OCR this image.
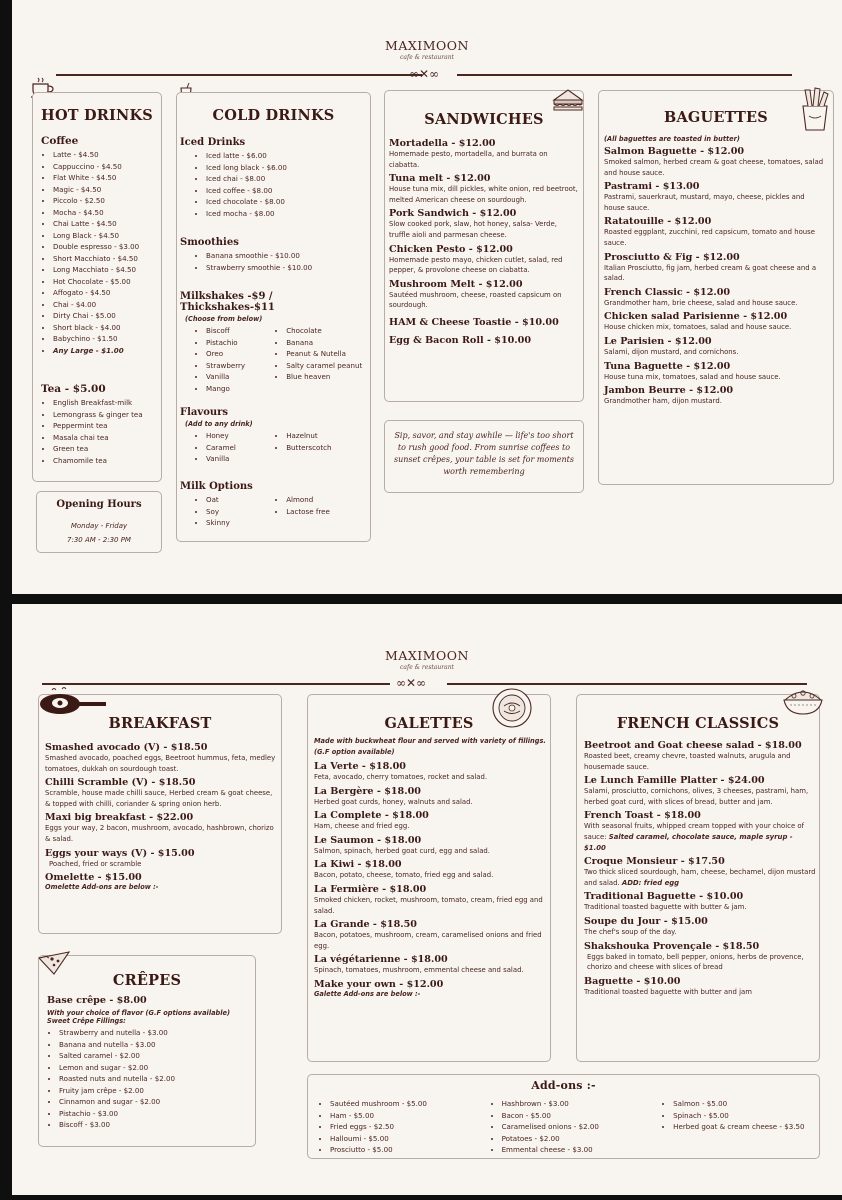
MAXIMOON
cafe & restaurant
∞✕∞
HOT DRINKS
Coffee
• Latte - $4.50
• Cappuccino - $4.50
• Flat White - $4.50
• Magic - $4.50
• Piccolo - $2.50
• Mocha - $4.50
• Chai Latte - $4.50
• Long Black - $4.50
• Double espresso - $3.00
• Short Macchiato - $4.50
• Long Macchiato - $4.50
• Hot Chocolate - $5.00
• Affogato - $4.50
• Chai - $4.00
• Dirty Chai - $5.00
• Short black - $4.00
• Babychino - $1.50
• Any Large - $1.00
Tea - $5.00
• English Breakfast-milk
• Lemongrass & ginger tea
• Peppermint tea
• Masala chai tea
• Green tea
• Chamomile tea
Opening Hours
Monday - Friday
7:30 AM - 2:30 PM
COLD DRINKS
Iced Drinks
• Iced latte - $6.00
• Iced long black - $6.00
• Iced chai - $8.00
• Iced coffee - $8.00
• Iced chocolate - $8.00
• Iced mocha - $8.00
Smoothies
• Banana smoothie - $10.00
• Strawberry smoothie - $10.00
Milkshakes -$9 / Thickshakes-$11
(Choose from below)
• Biscoff
• Pistachio
• Oreo
• Strawberry
• Vanilla
• Mango
• Chocolate
• Banana
• Peanut & Nutella
• Salty caramel peanut
• Blue heaven
Flavours
(Add to any drink)
• Honey
• Caramel
• Vanilla
• Hazelnut
• Butterscotch
Milk Options
• Oat
• Soy
• Skinny
• Almond
• Lactose free
SANDWICHES
Mortadella - $12.00
Homemade pesto, mortadella, and burrata on ciabatta.
Tuna melt - $12.00
House tuna mix, dill pickles, white onion, red beetroot, melted American cheese on sourdough.
Pork Sandwich - $12.00
Slow cooked pork, slaw, hot honey, salsa- Verde, truffle aioli and parmesan cheese.
Chicken Pesto - $12.00
Homemade pesto mayo, chicken cutlet, salad, red pepper, & provolone cheese on ciabatta.
Mushroom Melt - $12.00
Sautéed mushroom, cheese, roasted capsicum on sourdough.
HAM & Cheese Toastie - $10.00
Egg & Bacon Roll - $10.00
Sip, savor, and stay awhile — life's too short to rush good food. From sunrise coffees to sunset crêpes, your table is set for moments worth remembering
BAGUETTES
(All baguettes are toasted in butter)
Salmon Baguette - $12.00
Smoked salmon, herbed cream & goat cheese, tomatoes, salad and house sauce.
Pastrami - $13.00
Pastrami, sauerkraut, mustard, mayo, cheese, pickles and house sauce.
Ratatouille - $12.00
Roasted eggplant, zucchini, red capsicum, tomato and house sauce.
Prosciutto & Fig - $12.00
Italian Prosciutto, fig jam, herbed cream & goat cheese and a salad.
French Classic - $12.00
Grandmother ham, brie cheese, salad and house sauce.
Chicken salad Parisienne - $12.00
House chicken mix, tomatoes, salad and house sauce.
Le Parisien - $12.00
Salami, dijon mustard, and cornichons.
Tuna Baguette - $12.00
House tuna mix, tomatoes, salad and house sauce.
Jambon Beurre - $12.00
Grandmother ham, dijon mustard.
MAXIMOON
cafe & restaurant
∞✕∞
BREAKFAST
Smashed avocado (V) - $18.50
Smashed avocado, poached eggs, Beetroot hummus, feta, medley tomatoes, dukkah on sourdough toast.
Chilli Scramble (V) - $18.50
Scramble, house made chilli sauce, Herbed cream & goat cheese, & topped with chilli, coriander & spring onion herb.
Maxi big breakfast - $22.00
Eggs your way, 2 bacon, mushroom, avocado, hashbrown, chorizo & salad.
Eggs your ways (V) - $15.00
Poached, fried or scramble
Omelette - $15.00
Omelette Add-ons are below :-
CRÊPES
Base crêpe - $8.00
With your choice of flavor (G.F options available)
Sweet Crêpe Fillings:
• Strawberry and nutella - $3.00
• Banana and nutella - $3.00
• Salted caramel - $2.00
• Lemon and sugar - $2.00
• Roasted nuts and nutella - $2.00
• Fruity jam crêpe - $2.00
• Cinnamon and sugar - $2.00
• Pistachio - $3.00
• Biscoff - $3.00
GALETTES
Made with buckwheat flour and served with variety of fillings. (G.F option available)
La Verte - $18.00
Feta, avocado, cherry tomatoes, rocket and salad.
La Bergère - $18.00
Herbed goat curds, honey, walnuts and salad.
La Complete - $18.00
Ham, cheese and fried egg.
Le Saumon - $18.00
Salmon, spinach, herbed goat curd, egg and salad.
La Kiwi - $18.00
Bacon, potato, cheese, tomato, fried egg and salad.
La Fermière - $18.00
Smoked chicken, rocket, mushroom, tomato, cream, fried egg and salad.
La Grande - $18.50
Bacon, potatoes, mushroom, cream, caramelised onions and fried egg.
La végétarienne - $18.00
Spinach, tomatoes, mushroom, emmental cheese and salad.
Make your own - $12.00
Galette Add-ons are below :-
FRENCH CLASSICS
Beetroot and Goat cheese salad - $18.00
Roasted beet, creamy chevre, toasted walnuts, arugula and housemade sauce.
Le Lunch Famille Platter - $24.00
Salami, prosciutto, cornichons, olives, 3 cheeses, pastrami, ham, herbed goat curd, with slices of bread, butter and jam.
French Toast - $18.00
With seasonal fruits, whipped cream topped with your choice of sauce: Salted caramel, chocolate sauce, maple syrup - $1.00
Croque Monsieur - $17.50
Two thick sliced sourdough, ham, cheese, bechamel, dijon mustard and salad. ADD: fried egg
Traditional Baguette - $10.00
Traditional toasted baguette with butter & jam.
Soupe du Jour - $15.00
The chef's soup of the day.
Shakshouka Provençale - $18.50
Eggs baked in tomato, bell pepper, onions, herbs de provence, chorizo and cheese with slices of bread
Baguette - $10.00
Traditional toasted baguette with butter and jam
Add-ons :-
• Sautéed mushroom - $5.00
• Ham - $5.00
• Fried eggs - $2.50
• Halloumi - $5.00
• Prosciutto - $5.00
• Hashbrown - $3.00
• Bacon - $5.00
• Caramelised onions - $2.00
• Potatoes - $2.00
• Emmental cheese - $3.00
• Salmon - $5.00
• Spinach - $5.00
• Herbed goat & cream cheese - $3.50
